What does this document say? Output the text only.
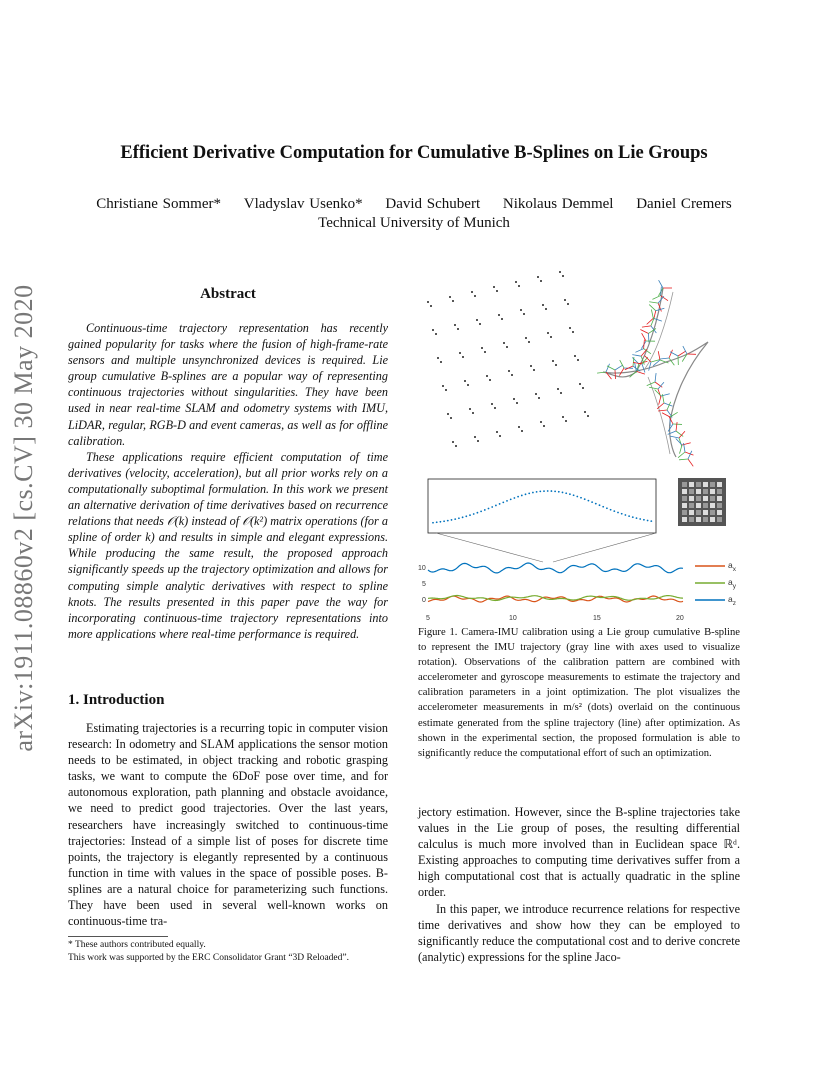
arXiv:1911.08860v2 [cs.CV] 30 May 2020
Efficient Derivative Computation for Cumulative B-Splines on Lie Groups
Christiane Sommer* Vladyslav Usenko* David Schubert Nikolaus Demmel Daniel Cremers
Technical University of Munich
Abstract

Continuous-time trajectory representation has recently gained popularity for tasks where the fusion of high-frame-rate sensors and multiple unsynchronized devices is required. Lie group cumulative B-splines are a popular way of representing continuous trajectories without singularities. They have been used in near real-time SLAM and odometry systems with IMU, LiDAR, regular, RGB-D and event cameras, as well as for offline calibration.

These applications require efficient computation of time derivatives (velocity, acceleration), but all prior works rely on a computationally suboptimal formulation. In this work we present an alternative derivation of time derivatives based on recurrence relations that needs 𝒪(k) instead of 𝒪(k²) matrix operations (for a spline of order k) and results in simple and elegant expressions. While producing the same result, the proposed approach significantly speeds up the trajectory optimization and allows for computing simple analytic derivatives with respect to spline knots. The results presented in this paper pave the way for incorporating continuous-time trajectory representations into more applications where real-time performance is required.

1. Introduction

Estimating trajectories is a recurring topic in computer vision research: In odometry and SLAM applications the sensor motion needs to be estimated, in object tracking and robotic grasping tasks, we want to compute the 6DoF pose over time, and for autonomous exploration, path planning and obstacle avoidance, we need to predict good trajectories. Over the last years, researchers have increasingly switched to continuous-time trajectories: Instead of a simple list of poses for discrete time points, the trajectory is elegantly represented by a continuous function in time with values in the space of possible poses. B-splines are a natural choice for parameterizing such functions. They have been used in several well-known works on continuous-time tra-

* These authors contributed equally.
This work was supported by the ERC Consolidator Grant “3D Reloaded”.
10
5
0
5	10	15	20
$a_x$
$a_y$
$a_z$
Figure 1. Camera-IMU calibration using a Lie group cumulative B-spline to represent the IMU trajectory (gray line with axes used to visualize rotation). Observations of the calibration pattern are combined with accelerometer and gyroscope measurements to estimate the trajectory and calibration parameters in a joint optimization. The plot visualizes the accelerometer measurements in m/s² (dots) overlaid on the continuous estimate generated from the spline trajectory (line) after optimization. As shown in the experimental section, the proposed formulation is able to significantly reduce the computational effort of such an optimization.

jectory estimation. However, since the B-spline trajectories take values in the Lie group of poses, the resulting differential calculus is much more involved than in Euclidean space ℝᵈ. Existing approaches to computing time derivatives suffer from a high computational cost that is actually quadratic in the spline order.

In this paper, we introduce recurrence relations for respective time derivatives and show how they can be employed to significantly reduce the computational cost and to derive concrete (analytic) expressions for the spline Jaco-
